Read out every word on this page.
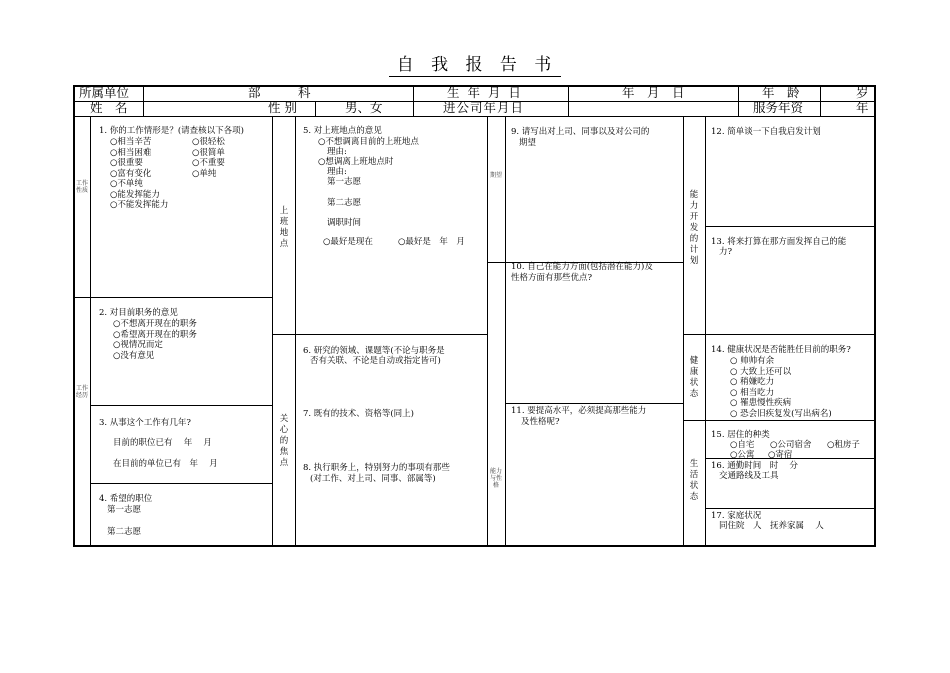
自 我 报 告 书
所属单位	部　　　科	生 年 月 日	年　月　日	年　龄	岁
姓　名	性 别	男、女	进公司年月日	服务年资	年
工作性质
工作经历
上班地点
关心的焦点
期望
能力与性格
能力开发的计划
健康状态
生活状态
1. 你的工作情形是？(请查核以下各项)
○相当辛苦
○相当困难
○很重要
○富有变化
○不单纯
○能发挥能力
○不能发挥能力
○很轻松
○很简单
○不重要
○单纯
2. 对目前职务的意见
○不想离开现在的职务
○希望离开现在的职务
○视情况而定
○没有意见
3. 从事这个工作有几年?
目前的职位已有　 年　 月
在目前的单位已有　年　 月
4. 希望的职位
第一志愿
第二志愿
5. 对上班地点的意见
○不想调离目前的上班地点
理由:
○想调离上班地点时
理由:
第一志愿
第二志愿
调职时间
○最好是现在	○最好是　年　月
6. 研究的领域、课题等(不论与职务是
否有关联、不论是自动或指定皆可)
7. 既有的技术、资格等(同上)
8. 执行职务上，特别努力的事项有那些
(对工作、对上司、同事、部属等)
9. 请写出对上司、同事以及对公司的
期望
10. 自己在能力方面(包括潜在能力)及
性格方面有那些优点?
11. 要提高水平，必须提高那些能力
及性格呢?
12. 简单谈一下自我启发计划
13. 将来打算在那方面发挥自己的能
力?
14. 健康状况是否能胜任目前的职务?
○ 帅帅有余
○ 大致上还可以
○ 稍嫌吃力
○ 相当吃力
○ 罹患慢性疾病
○ 恐会旧疾复发(写出病名)
15. 居住的种类
○自宅 ○公司宿舍 ○租房子
○公寓 ○寄宿
16. 通勤时间　时　 分
交通路线及工具
17. 家庭状况
同住院　人　抚养家属　 人
